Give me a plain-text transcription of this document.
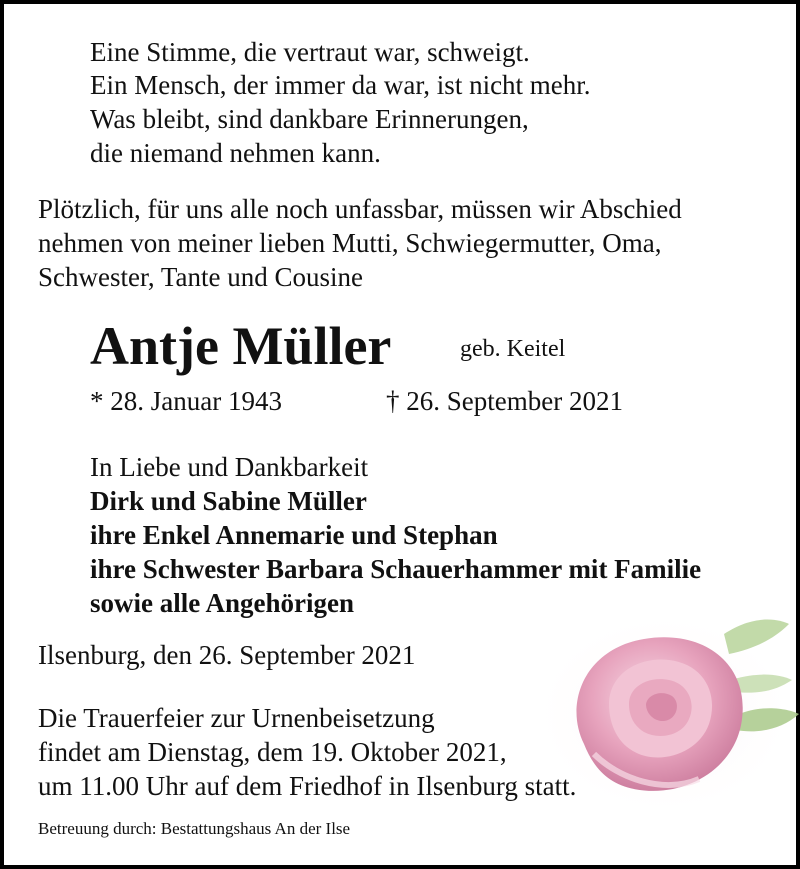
Eine Stimme, die vertraut war, schweigt.
Ein Mensch, der immer da war, ist nicht mehr.
Was bleibt, sind dankbare Erinnerungen,
die niemand nehmen kann.
Plötzlich, für uns alle noch unfassbar, müssen wir Abschied
nehmen von meiner lieben Mutti, Schwiegermutter, Oma,
Schwester, Tante und Cousine
Antje Müller	geb. Keitel
* 28. Januar 1943	† 26. September 2021
In Liebe und Dankbarkeit
Dirk und Sabine Müller
ihre Enkel Annemarie und Stephan
ihre Schwester Barbara Schauerhammer mit Familie
sowie alle Angehörigen
Ilsenburg, den 26. September 2021
Die Trauerfeier zur Urnenbeisetzung
findet am Dienstag, dem 19. Oktober 2021,
um 11.00 Uhr auf dem Friedhof in Ilsenburg statt.
Betreuung durch: Bestattungshaus An der Ilse
